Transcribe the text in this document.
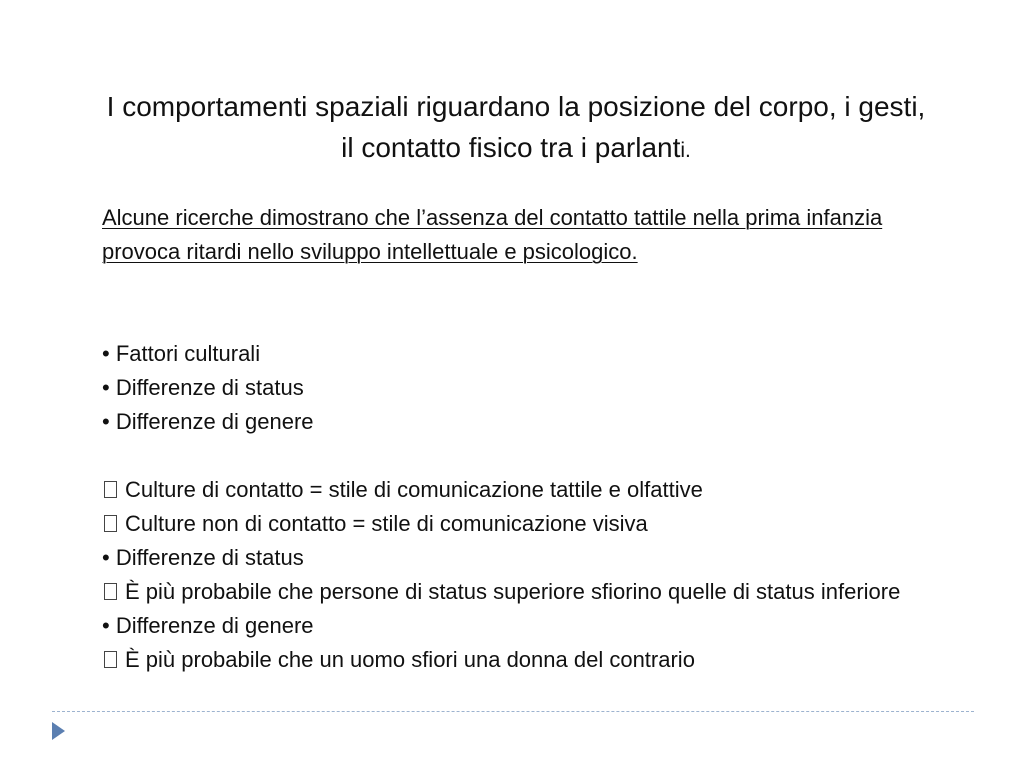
I comportamenti spaziali riguardano la posizione del corpo, i gesti, il contatto fisico tra i parlanti.
Alcune ricerche dimostrano che l’assenza del contatto tattile nella prima infanzia provoca ritardi nello sviluppo intellettuale e psicologico.
• Fattori culturali
• Differenze di status
• Differenze di genere
Culture di contatto = stile di comunicazione tattile e olfattive
Culture non di contatto = stile di comunicazione visiva
• Differenze di status
È più probabile che persone di status superiore sfiorino quelle di status inferiore
• Differenze di genere
È più probabile che un uomo sfiori una donna del contrario
